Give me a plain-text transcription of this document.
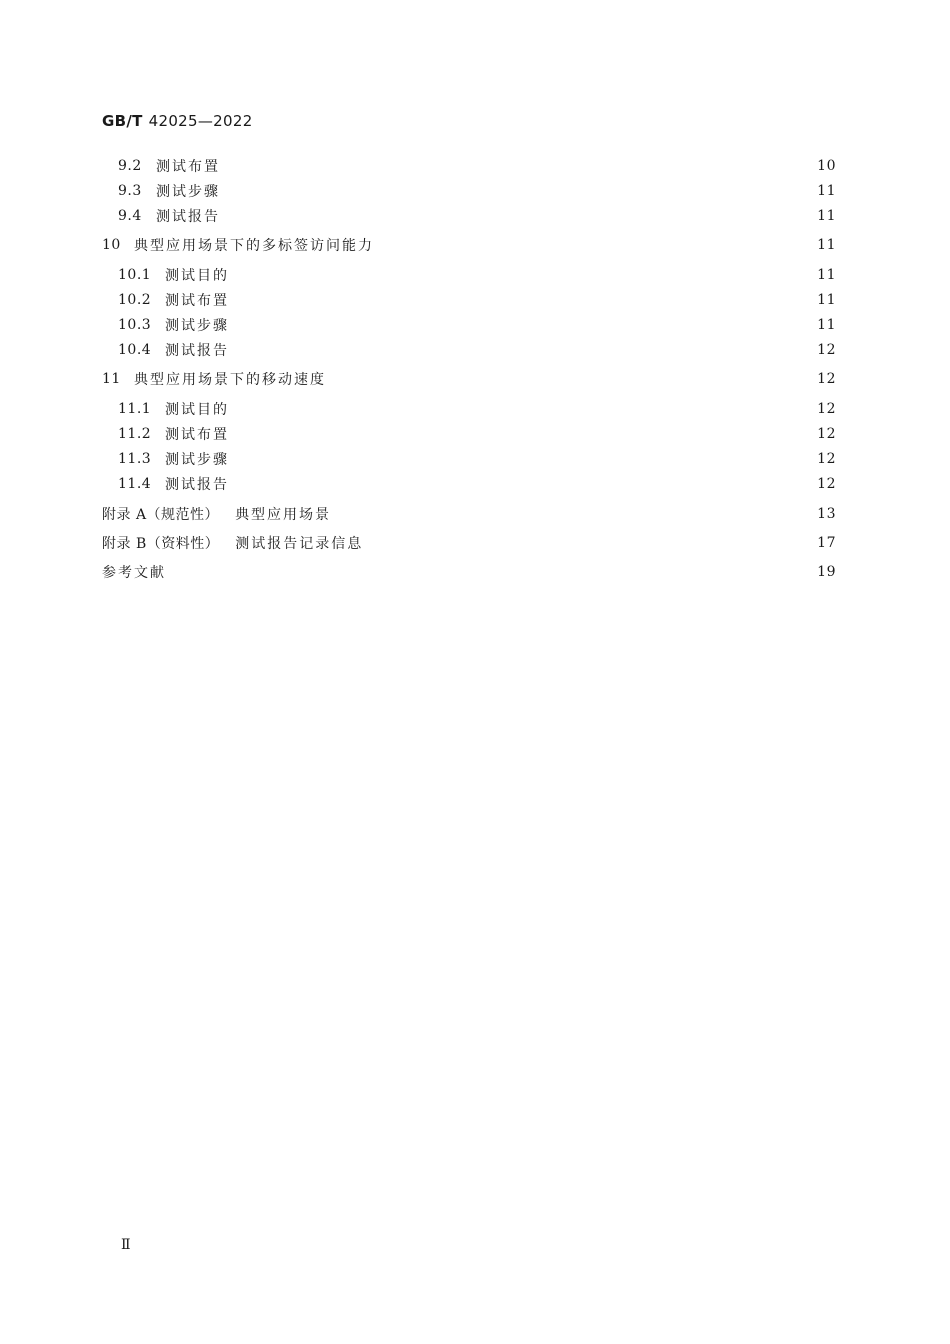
GB/T 42025—2022
9.2	测试布置	10
9.3	测试步骤	11
9.4	测试报告	11
10 典型应用场景下的多标签访问能力	11
10.1 测试目的	11
10.2 测试布置	11
10.3 测试步骤	11
10.4 测试报告	12
11 典型应用场景下的移动速度	12
11.1 测试目的	12
11.2 测试布置	12
11.3 测试步骤	12
11.4 测试报告	12
附录 A（规范性） 典型应用场景	13
附录 B（资料性） 测试报告记录信息	17
参考文献	19
Ⅱ
